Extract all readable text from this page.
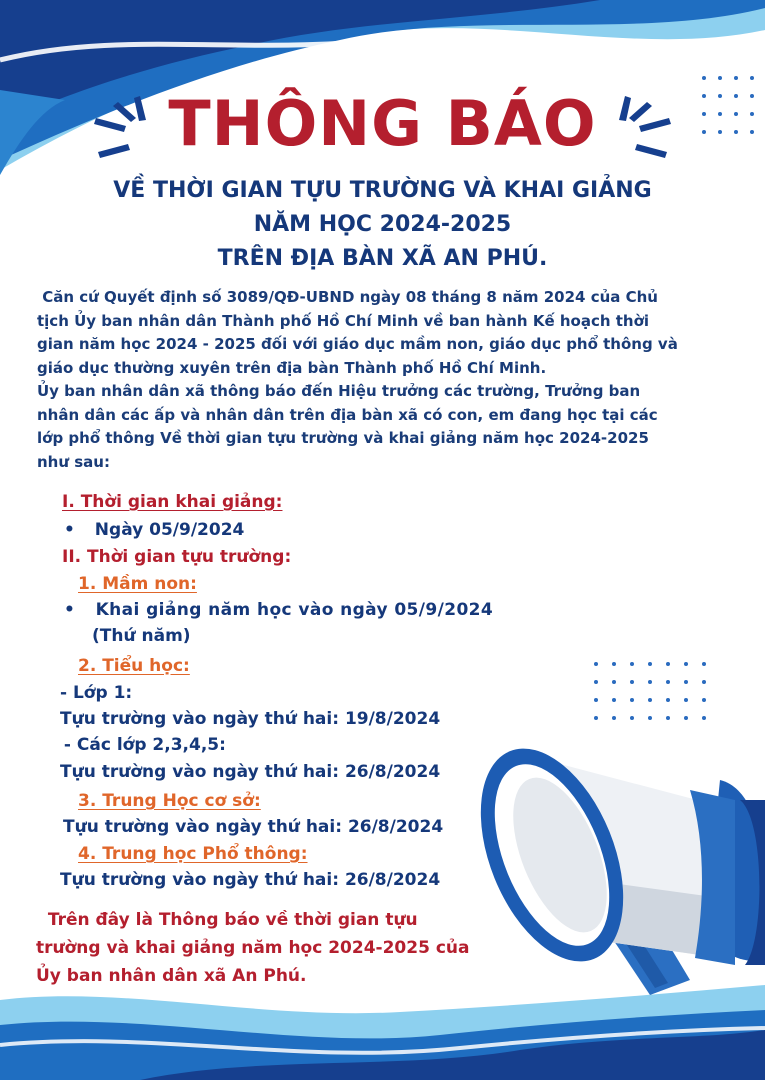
THÔNG BÁO
VỀ THỜI GIAN TỰU TRƯỜNG VÀ KHAI GIẢNG
NĂM HỌC 2024-2025
TRÊN ĐỊA BÀN XÃ AN PHÚ.
Căn cứ Quyết định số 3089/QĐ-UBND ngày 08 tháng 8 năm 2024 của Chủ
tịch Ủy ban nhân dân Thành phố Hồ Chí Minh về ban hành Kế hoạch thời
gian năm học 2024 - 2025 đối với giáo dục mầm non, giáo dục phổ thông và
giáo dục thường xuyên trên địa bàn Thành phố Hồ Chí Minh.
Ủy ban nhân dân xã thông báo đến Hiệu trưởng các trường, Trưởng ban
nhân dân các ấp và nhân dân trên địa bàn xã có con, em đang học tại các
lớp phổ thông Về thời gian tựu trường và khai giảng năm học 2024-2025
như sau:
I. Thời gian khai giảng:
• Ngày 05/9/2024
II. Thời gian tựu trường:
1. Mầm non:
• Khai giảng năm học vào ngày 05/9/2024
(Thứ năm)
2. Tiểu học:
- Lớp 1:
Tựu trường vào ngày thứ hai: 19/8/2024
- Các lớp 2,3,4,5:
Tựu trường vào ngày thứ hai: 26/8/2024
3. Trung Học cơ sở:
Tựu trường vào ngày thứ hai: 26/8/2024
4. Trung học Phổ thông:
Tựu trường vào ngày thứ hai: 26/8/2024
Trên đây là Thông báo về thời gian tựu
trường và khai giảng năm học 2024-2025 của
Ủy ban nhân dân xã An Phú.
